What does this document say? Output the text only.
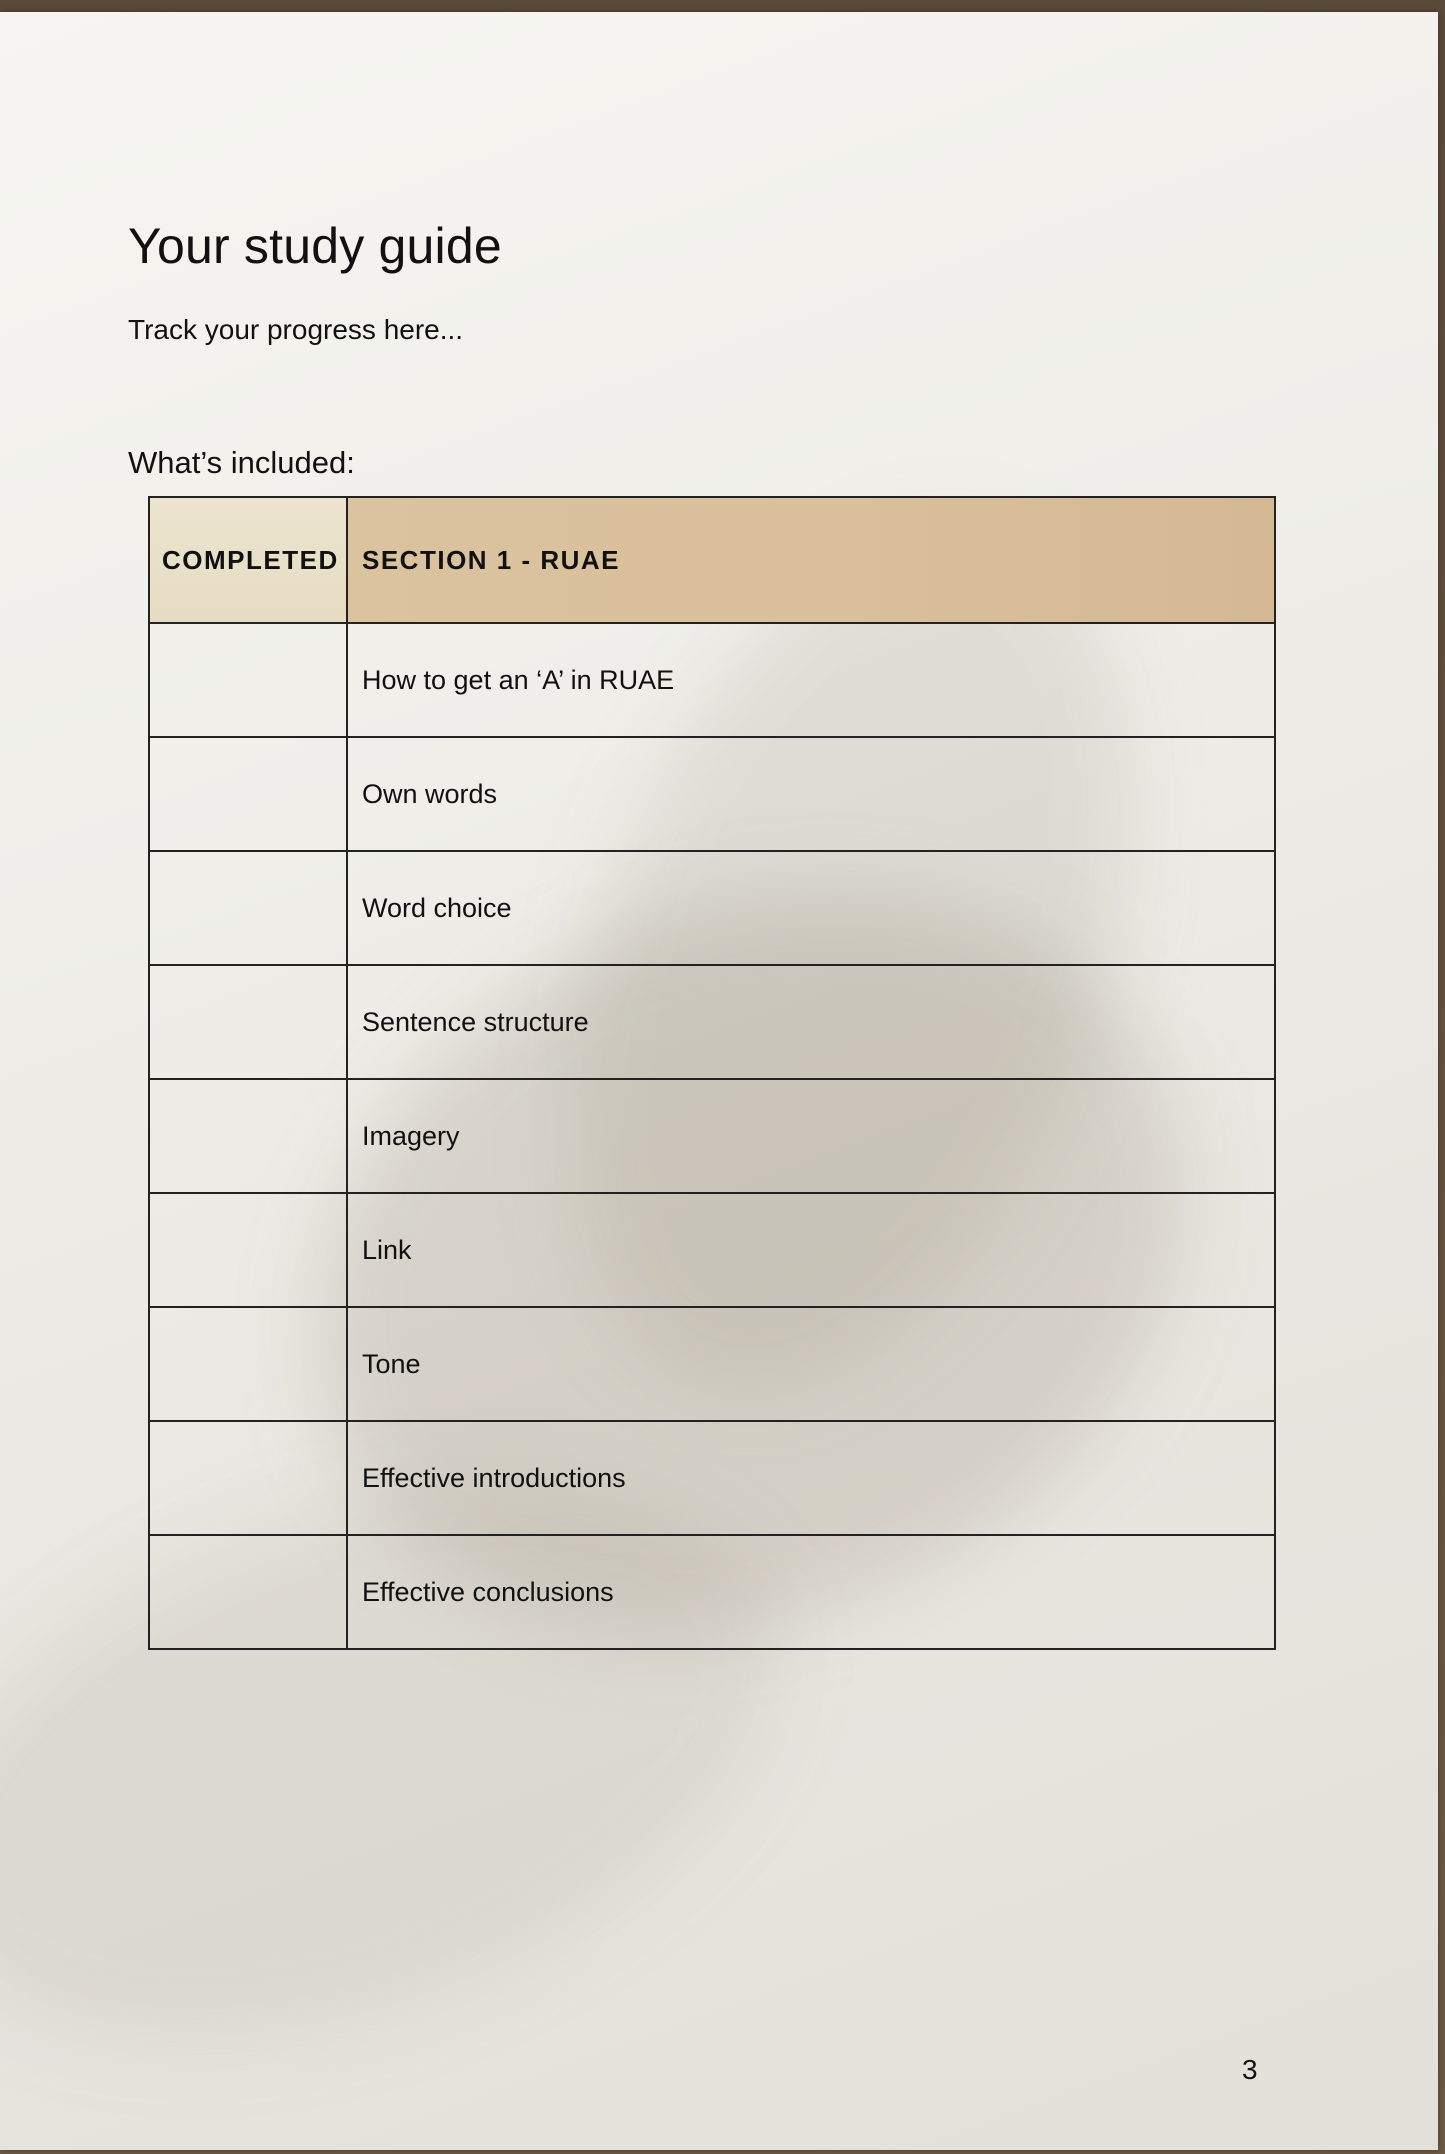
Your study guide

Track your progress here...

What’s included:

COMPLETED	SECTION 1 - RUAE
	How to get an ‘A’ in RUAE
	Own words
	Word choice
	Sentence structure
	Imagery
	Link
	Tone
	Effective introductions
	Effective conclusions

3
